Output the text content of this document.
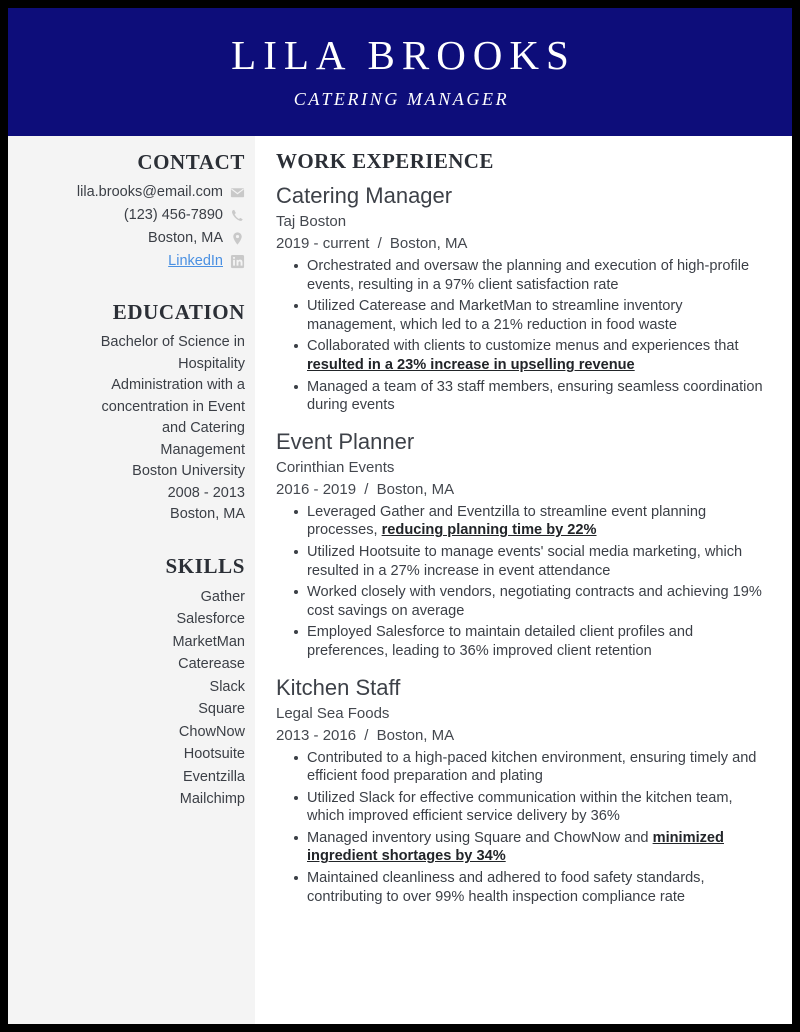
LILA BROOKS
CATERING MANAGER
CONTACT
lila.brooks@email.com
(123) 456-7890
Boston, MA
LinkedIn
EDUCATION
Bachelor of Science in
Hospitality
Administration with a
concentration in Event
and Catering
Management
Boston University
2008 - 2013
Boston, MA
SKILLS
Gather
Salesforce
MarketMan
Caterease
Slack
Square
ChowNow
Hootsuite
Eventzilla
Mailchimp
WORK EXPERIENCE
Catering Manager
Taj Boston
2019 - current / Boston, MA
Orchestrated and oversaw the planning and execution of high-profile events, resulting in a 97% client satisfaction rate
Utilized Caterease and MarketMan to streamline inventory management, which led to a 21% reduction in food waste
Collaborated with clients to customize menus and experiences that resulted in a 23% increase in upselling revenue
Managed a team of 33 staff members, ensuring seamless coordination during events
Event Planner
Corinthian Events
2016 - 2019 / Boston, MA
Leveraged Gather and Eventzilla to streamline event planning processes, reducing planning time by 22%
Utilized Hootsuite to manage events' social media marketing, which resulted in a 27% increase in event attendance
Worked closely with vendors, negotiating contracts and achieving 19% cost savings on average
Employed Salesforce to maintain detailed client profiles and preferences, leading to 36% improved client retention
Kitchen Staff
Legal Sea Foods
2013 - 2016 / Boston, MA
Contributed to a high-paced kitchen environment, ensuring timely and efficient food preparation and plating
Utilized Slack for effective communication within the kitchen team, which improved efficient service delivery by 36%
Managed inventory using Square and ChowNow and minimized ingredient shortages by 34%
Maintained cleanliness and adhered to food safety standards, contributing to over 99% health inspection compliance rate
